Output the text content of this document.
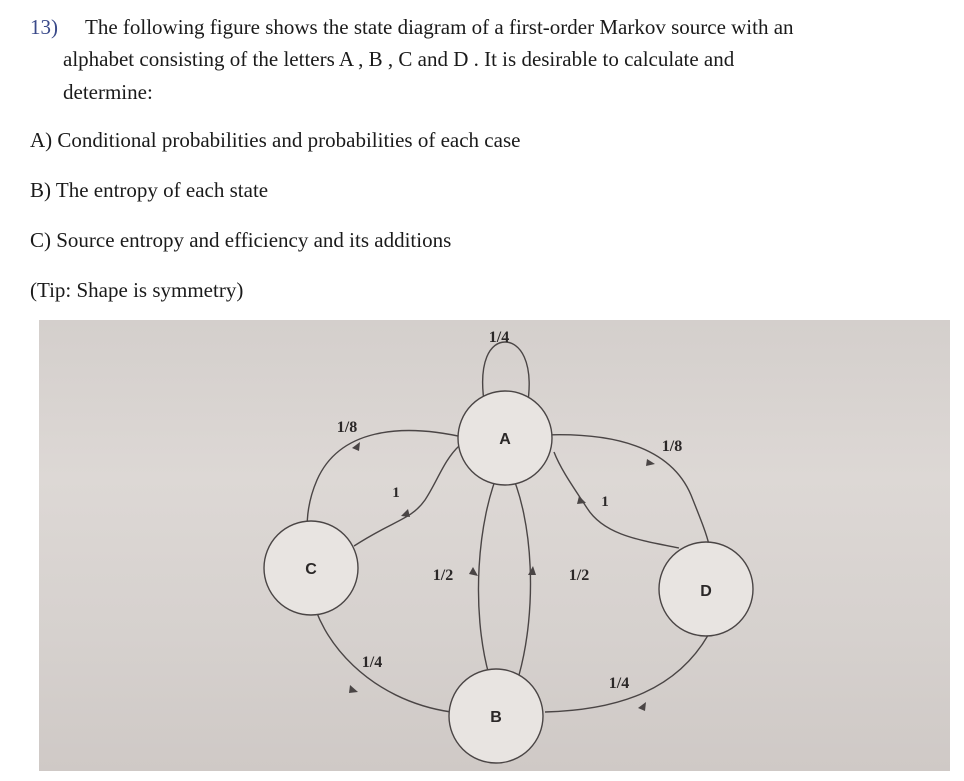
13) The following figure shows the state diagram of a first-order Markov source with an
alphabet consisting of the letters A , B , C and D . It is desirable to calculate and
determine:
A) Conditional probabilities and probabilities of each case
B) The entropy of each state
C) Source entropy and efficiency and its additions
(Tip: Shape is symmetry)
A
B
C
D
1/4
1/8
1
1/8
1
1/2	1/2
1/4
1/4
